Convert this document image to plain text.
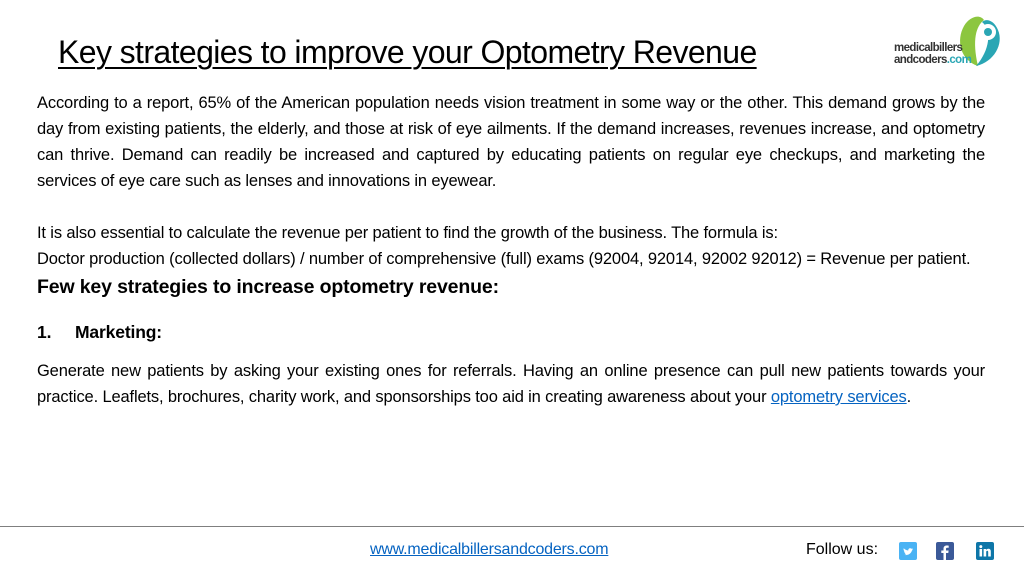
Key strategies to improve your Optometry Revenue	medicalbillers
andcoders.com

According to a report, 65% of the American population needs vision treatment in some way or the other. This demand grows by the day from existing patients, the elderly, and those at risk of eye ailments. If the demand increases, revenues increase, and optometry can thrive. Demand can readily be increased and captured by educating patients on regular eye checkups, and marketing the services of eye care such as lenses and innovations in eyewear.

It is also essential to calculate the revenue per patient to find the growth of the business. The formula is:

Doctor production (collected dollars) / number of comprehensive (full) exams (92004, 92014, 92002 92012) = Revenue per patient.

Few key strategies to increase optometry revenue:

1.	Marketing:

Generate new patients by asking your existing ones for referrals. Having an online presence can pull new patients towards your practice. Leaflets, brochures, charity work, and sponsorships too aid in creating awareness about your optometry services.

www.medicalbillersandcoders.com	Follow us:
